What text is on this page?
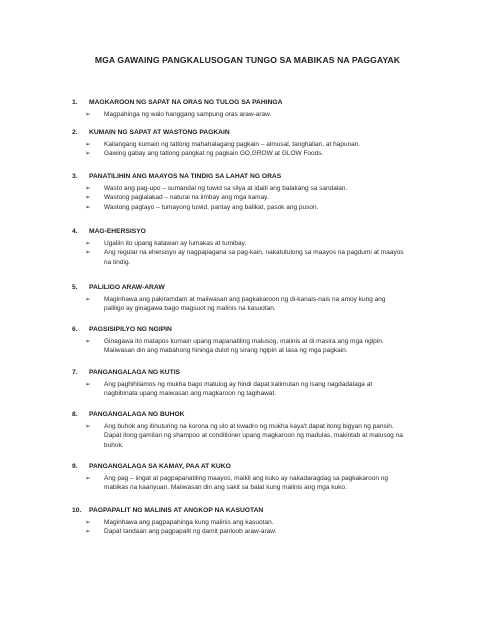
MGA GAWAING PANGKALUSOGAN TUNGO SA MABIKAS NA PAGGAYAK
1. MAGKAROON NG SAPAT NA ORAS NG TULOG SA PAHINGA
➢ Magpahinga ng walo hanggang sampung oras araw-araw.
2. KUMAIN NG SAPAT AT WASTONG PAGKAIN
➢ Kailangang kumain ng tatlong mahahalagang pagkain – almusal, tanghalian, at hapunan.
➢ Gawing gabay ang tatlong pangkat ng pagkain GO,GROW at GLOW Foods.
3. PANATILIHIN ANG MAAYOS NA TINDIG SA LAHAT NG ORAS
➢ Wasto ang pag-upo – sumandal ng tuwid sa silya at idaiti ang balakang sa sandalan.
➢ Wastong paglalakad – natural na iimbay ang mga kamay.
➢ Wastong pagtayo – tumayong tuwid, pantay ang balikat, pasok ang puson.
4. MAG-EHERSISYO
➢ Ugaliin ito upang katawan ay lumakas at tumibay.
➢ Ang regular na ehersisyo ay nagpapagana sa pag-kain, nakatutulong sa maayos na pagdumi at maayos na tindig.
5. PALILIGO ARAW-ARAW
➢ Maginhawa ang pakiramdam at maiiwasan ang pagkakaroon ng di-kanais-nais na amoy kung ang paliligo ay ginagawa bago magsuot ng malinis na kasuotan.
6. PAGSISIPILYO NG NGIPIN
➢ Ginagawa ito matapos kumain upang mapanatiling malusog, malinis at di masira ang mga ngipin. Maiiwasan din ang mabahong hininga dulot ng sirang ngipin at lasa ng mga pagkain.
7. PANGANGALAGA NG KUTIS
➢ Ang paghihilamos ng mukha bago matulog ay hindi dapat kalimutan ng isang nagdadalaga at nagbibinata upang maiwasan ang magkaroon ng tagihawat.
8. PANGANGALAGA NG BUHOK
➢ Ang buhok ang itinuturing na korona ng ulo at kwadro ng mukha kaya't dapat itong bigyan ng pansin. Dapat itong gamitan ng shampoo at conditioner upang magkaroon ng madulas, makintab at malusog na buhok.
9. PANGANGALAGA SA KAMAY, PAA AT KUKO
➢ Ang pag – iingat at pagpapanatiling maayos, maikli ang kuko ay nakadaragdag sa pagkakaroon ng mabikas na kaanyuan. Maiiwasan din ang sakit sa balat kung malinis ang mga kuko.
10. PAGPAPALIT NG MALINIS AT ANGKOP NA KASUOTAN
➢ Maginhawa ang pagpapahinga kung malinis ang kasuotan.
➢ Dapat tandaan ang pagpapalit ng damit panloob araw-araw.
